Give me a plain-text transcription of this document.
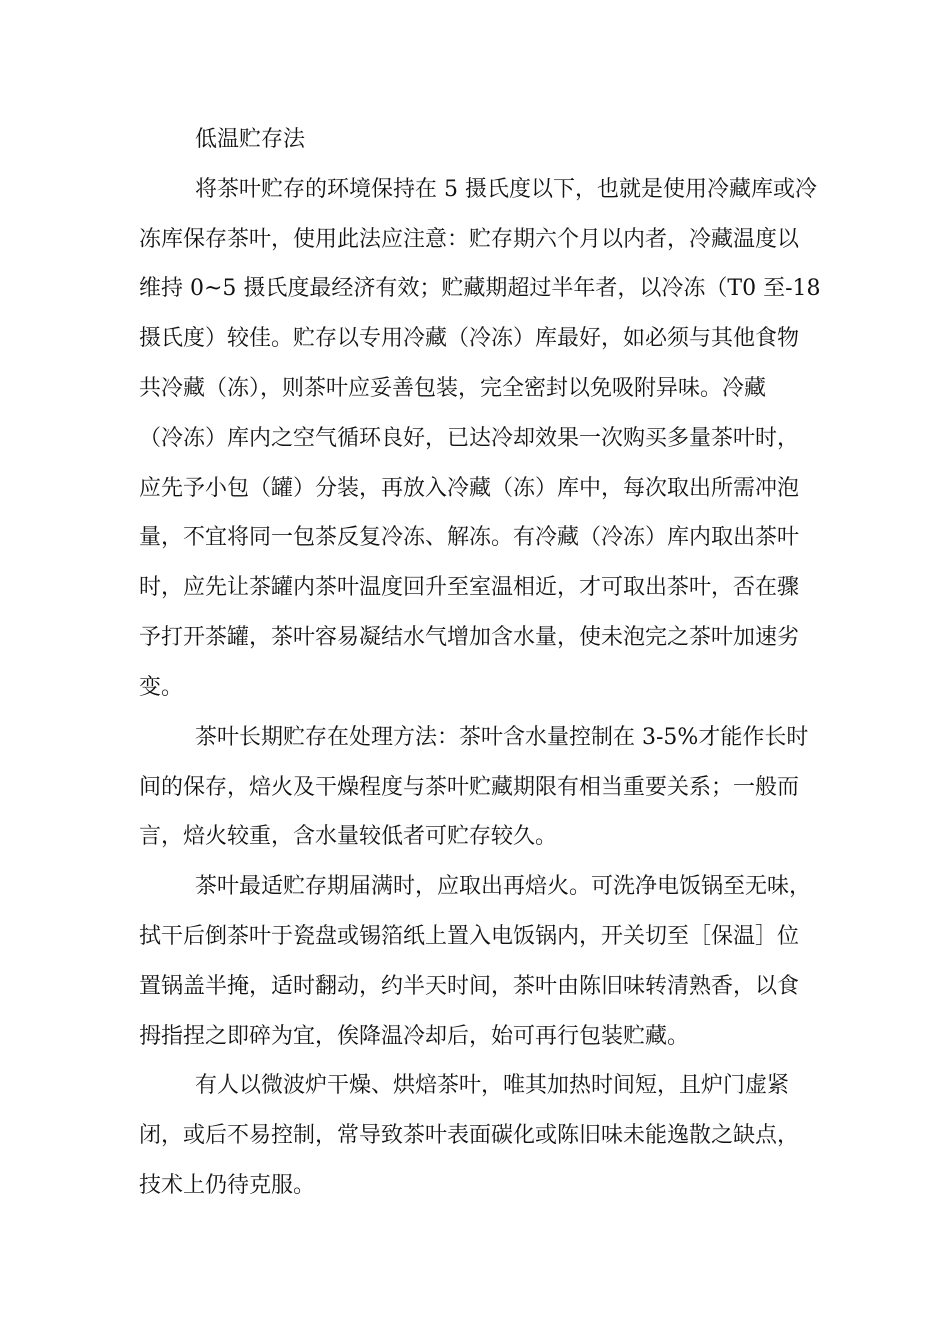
低温贮存法

将茶叶贮存的环境保持在 5 摄氏度以下，也就是使用冷藏库或冷

冻库保存茶叶，使用此法应注意：贮存期六个月以内者，冷藏温度以

维持 0~5 摄氏度最经济有效；贮藏期超过半年者，以冷冻（T0 至-18

摄氏度）较佳。贮存以专用冷藏（冷冻）库最好，如必须与其他食物

共冷藏（冻），则茶叶应妥善包装，完全密封以免吸附异味。冷藏

（冷冻）库内之空气循环良好，已达冷却效果一次购买多量茶叶时，

应先予小包（罐）分装，再放入冷藏（冻）库中，每次取出所需冲泡

量，不宜将同一包茶反复冷冻、解冻。有冷藏（冷冻）库内取出茶叶

时，应先让茶罐内茶叶温度回升至室温相近，才可取出茶叶，否在骤

予打开茶罐，茶叶容易凝结水气增加含水量，使未泡完之茶叶加速劣

变。

茶叶长期贮存在处理方法：茶叶含水量控制在 3-5%才能作长时

间的保存，焙火及干燥程度与茶叶贮藏期限有相当重要关系；一般而

言，焙火较重，含水量较低者可贮存较久。

茶叶最适贮存期届满时，应取出再焙火。可洗净电饭锅至无味，

拭干后倒茶叶于瓷盘或锡箔纸上置入电饭锅内，开关切至［保温］位

置锅盖半掩，适时翻动，约半天时间，茶叶由陈旧味转清熟香，以食

拇指捏之即碎为宜，俟降温冷却后，始可再行包装贮藏。

有人以微波炉干燥、烘焙茶叶，唯其加热时间短，且炉门虚紧

闭，或后不易控制，常导致茶叶表面碳化或陈旧味未能逸散之缺点，

技术上仍待克服。
